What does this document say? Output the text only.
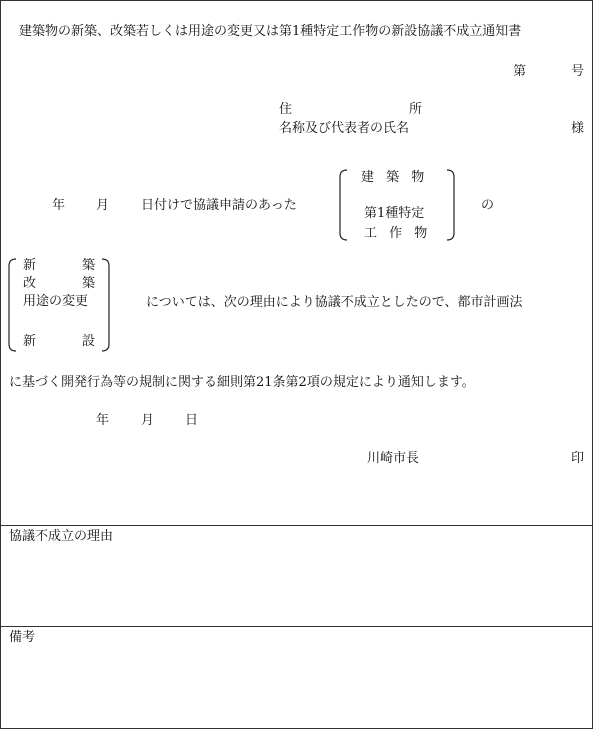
建築物の新築、改築若しくは用途の変更又は第1種特定工作物の新設協議不成立通知書
第	号
住	所
名称及び代表者の氏名	様
年 月 日付けで協議申請のあった
建 築 物
第1種特定
工 作 物
の
新	築
改	築
用途の変更
新	設
については、次の理由により協議不成立としたので、都市計画法
に基づく開発行為等の規制に関する細則第21条第2項の規定により通知します。
年 月 日
川崎市長	印
協議不成立の理由
備考
